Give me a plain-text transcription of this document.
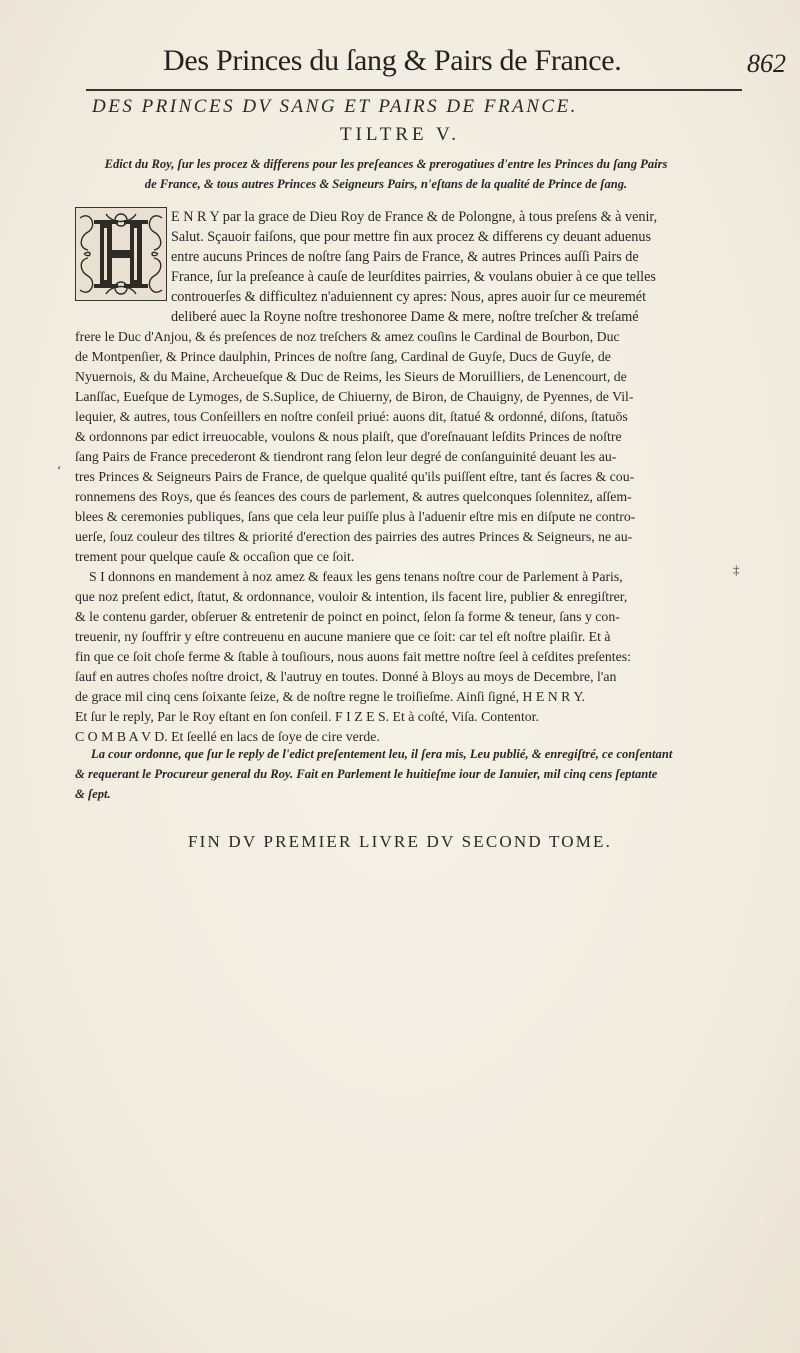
Des Princes du ſang & Pairs de France.	862
DES PRINCES DV SANG ET PAIRS DE FRANCE.
TILTRE V.
Edict du Roy, ſur les procez & differens pour les preſeances & prerogatiues d'entre les Princes du ſang Pairs
de France, & tous autres Princes & Seigneurs Pairs, n'eſtans de la qualité de Prince de ſang.
E N R Y par la grace de Dieu Roy de France & de Polongne, à tous preſens & à venir,
Salut. Sçauoir faiſons, que pour mettre fin aux procez & differens cy deuant aduenus
entre aucuns Princes de noſtre ſang Pairs de France, & autres Princes auſſi Pairs de
France, ſur la preſeance à cauſe de leurſdites pairries, & voulans obuier à ce que telles
controuerſes & difficultez n'aduiennent cy apres: Nous, apres auoir ſur ce meuremét
deliberé auec la Royne noſtre treshonoree Dame & mere, noſtre treſcher & treſamé
frere le Duc d'Anjou, & és preſences de noz treſchers & amez couſins le Cardinal de Bourbon, Duc
de Montpenſier, & Prince daulphin, Princes de noſtre ſang, Cardinal de Guyſe, Ducs de Guyſe, de
Nyuernois, & du Maine, Archeueſque & Duc de Reims, les Sieurs de Moruilliers, de Lenencourt, de
Lanſſac, Eueſque de Lymoges, de S.Suplice, de Chiuerny, de Biron, de Chauigny, de Pyennes, de Vil-
lequier, & autres, tous Conſeillers en noſtre conſeil priué: auons dit, ſtatué & ordonné, diſons, ſtatuōs
& ordonnons par edict irreuocable, voulons & nous plaiſt, que d'oreſnauant leſdits Princes de noſtre
ſang Pairs de France precederont & tiendront rang ſelon leur degré de conſanguinité deuant les au-
tres Princes & Seigneurs Pairs de France, de quelque qualité qu'ils puiſſent eſtre, tant és ſacres & cou-
ronnemens des Roys, que és ſeances des cours de parlement, & autres quelconques ſolennitez, aſſem-
blees & ceremonies publiques, ſans que cela leur puiſſe plus à l'aduenir eſtre mis en diſpute ne contro-
uerſe, ſouz couleur des tiltres & priorité d'erection des pairries des autres Princes & Seigneurs, ne au-
trement pour quelque cauſe & occaſion que ce ſoit.
S I donnons en mandement à noz amez & feaux les gens tenans noſtre cour de Parlement à Paris,
que noz preſent edict, ſtatut, & ordonnance, vouloir & intention, ils facent lire, publier & enregiſtrer,
& le contenu garder, obſeruer & entretenir de poinct en poinct, ſelon ſa forme & teneur, ſans y con-
treuenir, ny ſouffrir y eſtre contreuenu en aucune maniere que ce ſoit: car tel eſt noſtre plaiſir. Et à
fin que ce ſoit choſe ferme & ſtable à touſiours, nous auons fait mettre noſtre ſeel à ceſdites preſentes:
ſauf en autres choſes noſtre droict, & l'autruy en toutes. Donné à Bloys au moys de Decembre, l'an
de grace mil cinq cens ſoixante ſeize, & de noſtre regne le troiſieſme. Ainſi ſigné, H E N R Y.
Et ſur le reply, Par le Roy eſtant en ſon conſeil. F I Z E S. Et à coſté, Viſa. Contentor.
C O M B A V D. Et ſeellé en lacs de ſoye de cire verde.
La cour ordonne, que ſur le reply de l'edict preſentement leu, il ſera mis, Leu publié, & enregiſtré, ce conſentant
& requerant le Procureur general du Roy. Fait en Parlement le huitieſme iour de Ianuier, mil cinq cens ſeptante
& ſept.
FIN DV PREMIER LIVRE DV SECOND TOME.
‡
‘
